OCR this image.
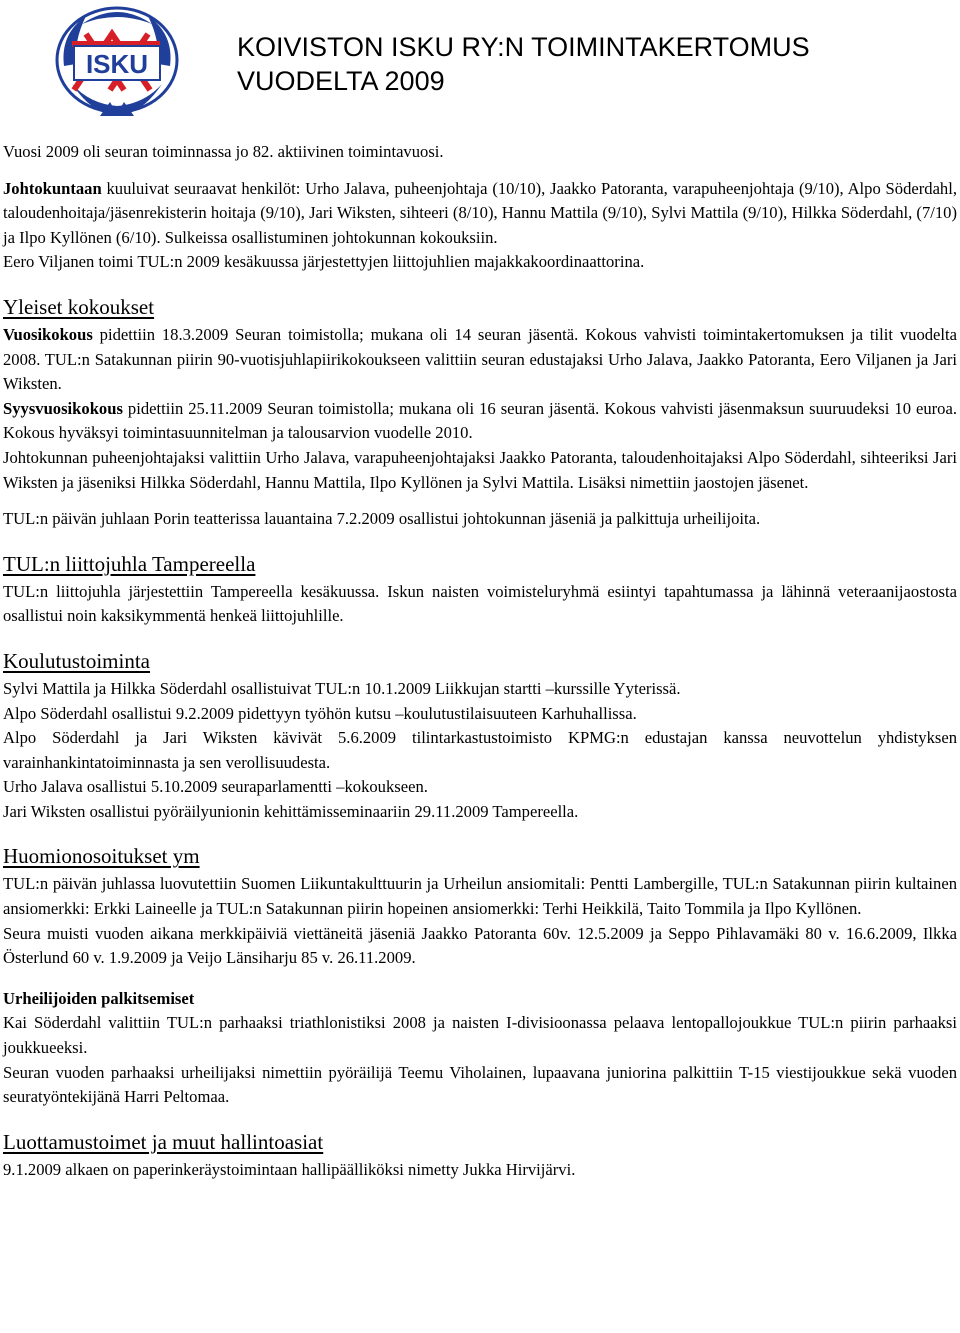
ISKU
KOIVISTON ISKU RY:N TOIMINTAKERTOMUS
VUODELTA 2009

Vuosi 2009 oli seuran toiminnassa jo 82. aktiivinen toimintavuosi.

Johtokuntaan kuuluivat seuraavat henkilöt: Urho Jalava, puheenjohtaja (10/10), Jaakko Patoranta, varapuheenjohtaja (9/10), Alpo Söderdahl, taloudenhoitaja/jäsenrekisterin hoitaja (9/10), Jari Wiksten, sihteeri (8/10), Hannu Mattila (9/10), Sylvi Mattila (9/10), Hilkka Söderdahl, (7/10) ja Ilpo Kyllönen (6/10). Sulkeissa osallistuminen johtokunnan kokouksiin.

Eero Viljanen toimi TUL:n 2009 kesäkuussa järjestettyjen liittojuhlien majakkakoordinaattorina.

Yleiset kokoukset

Vuosikokous pidettiin 18.3.2009 Seuran toimistolla; mukana oli 14 seuran jäsentä. Kokous vahvisti toimintakertomuksen ja tilit vuodelta 2008. TUL:n Satakunnan piirin 90-vuotisjuhlapiirikokoukseen valittiin seuran edustajaksi Urho Jalava, Jaakko Patoranta, Eero Viljanen ja Jari Wiksten.

Syysvuosikokous pidettiin 25.11.2009 Seuran toimistolla; mukana oli 16 seuran jäsentä. Kokous vahvisti jäsenmaksun suuruudeksi 10 euroa. Kokous hyväksyi toimintasuunnitelman ja talousarvion vuodelle 2010.

Johtokunnan puheenjohtajaksi valittiin Urho Jalava, varapuheenjohtajaksi Jaakko Patoranta, taloudenhoitajaksi Alpo Söderdahl, sihteeriksi Jari Wiksten ja jäseniksi Hilkka Söderdahl, Hannu Mattila, Ilpo Kyllönen ja Sylvi Mattila. Lisäksi nimettiin jaostojen jäsenet.

TUL:n päivän juhlaan Porin teatterissa lauantaina 7.2.2009 osallistui johtokunnan jäseniä ja palkittuja urheilijoita.

TUL:n liittojuhla Tampereella

TUL:n liittojuhla järjestettiin Tampereella kesäkuussa. Iskun naisten voimisteluryhmä esiintyi tapahtumassa ja lähinnä veteraanijaostosta osallistui noin kaksikymmentä henkeä liittojuhlille.

Koulutustoiminta

Sylvi Mattila ja Hilkka Söderdahl osallistuivat TUL:n 10.1.2009 Liikkujan startti –kurssille Yyterissä.

Alpo Söderdahl osallistui 9.2.2009 pidettyyn työhön kutsu –koulutustilaisuuteen Karhuhallissa.

Alpo Söderdahl ja Jari Wiksten kävivät 5.6.2009 tilintarkastustoimisto KPMG:n edustajan kanssa neuvottelun yhdistyksen varainhankintatoiminnasta ja sen verollisuudesta.

Urho Jalava osallistui 5.10.2009 seuraparlamentti –kokoukseen.

Jari Wiksten osallistui pyöräilyunionin kehittämisseminaariin 29.11.2009 Tampereella.

Huomionosoitukset ym

TUL:n päivän juhlassa luovutettiin Suomen Liikuntakulttuurin ja Urheilun ansiomitali: Pentti Lambergille, TUL:n Satakunnan piirin kultainen ansiomerkki: Erkki Laineelle ja TUL:n Satakunnan piirin hopeinen ansiomerkki: Terhi Heikkilä, Taito Tommila ja Ilpo Kyllönen.

Seura muisti vuoden aikana merkkipäiviä viettäneitä jäseniä Jaakko Patoranta 60v. 12.5.2009 ja Seppo Pihlavamäki 80 v. 16.6.2009, Ilkka Österlund 60 v. 1.9.2009 ja Veijo Länsiharju 85 v. 26.11.2009.

Urheilijoiden palkitsemiset

Kai Söderdahl valittiin TUL:n parhaaksi triathlonistiksi 2008 ja naisten I-divisioonassa pelaava lentopallojoukkue TUL:n piirin parhaaksi joukkueeksi.

Seuran vuoden parhaaksi urheilijaksi nimettiin pyöräilijä Teemu Viholainen, lupaavana juniorina palkittiin T-15 viestijoukkue sekä vuoden seuratyöntekijänä Harri Peltomaa.

Luottamustoimet ja muut hallintoasiat

9.1.2009 alkaen on paperinkeräystoimintaan hallipäälliköksi nimetty Jukka Hirvijärvi.
